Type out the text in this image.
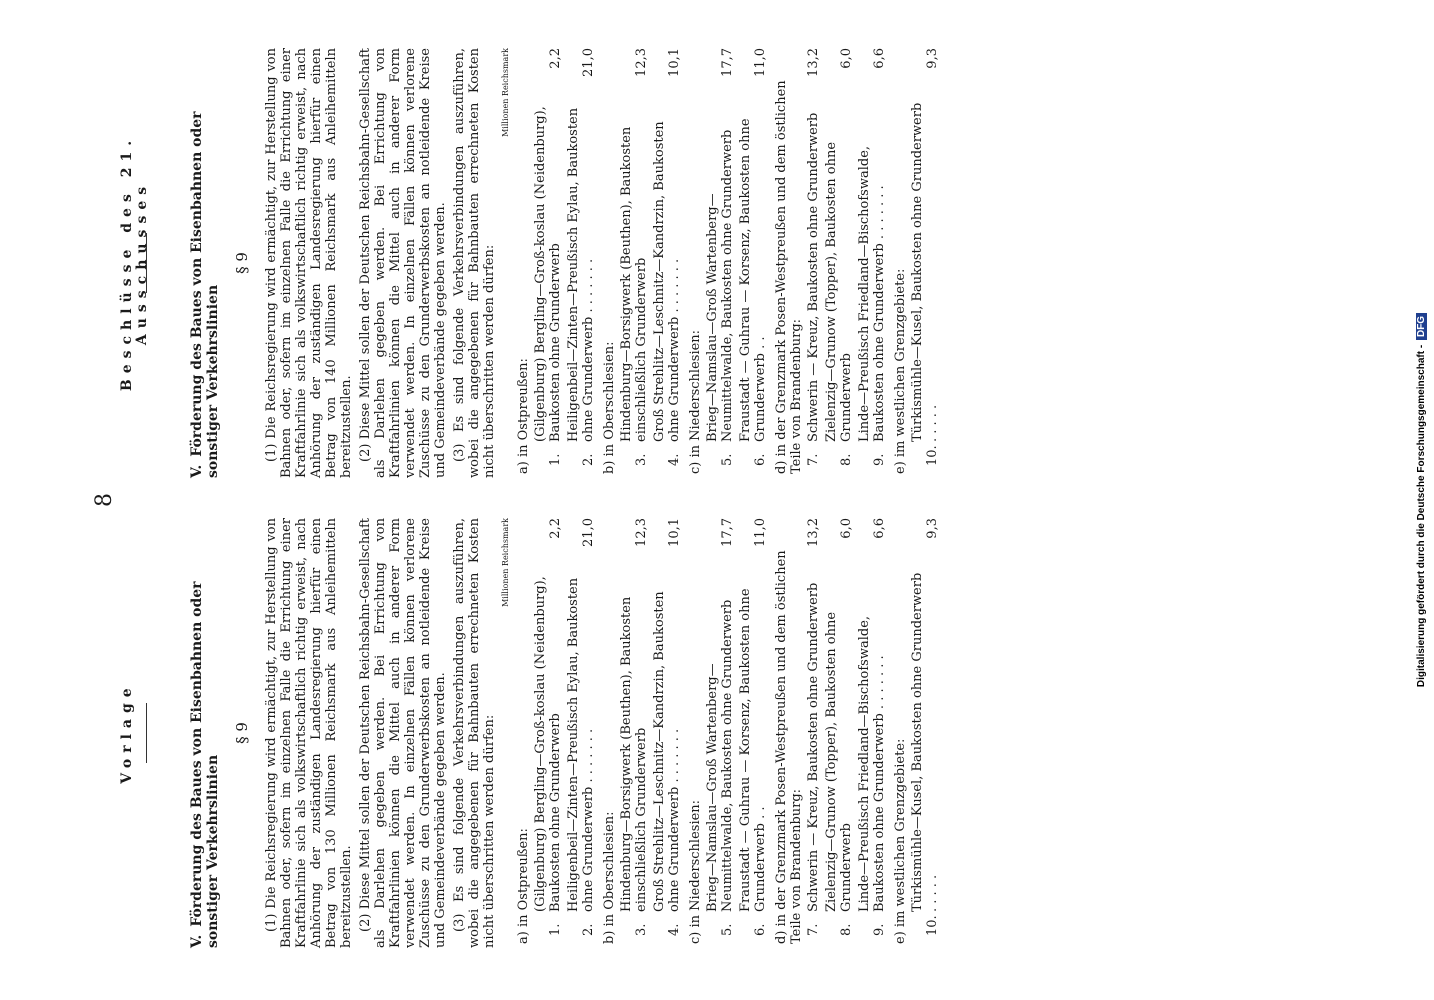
8
Vorlage
V.Förderung des Baues von Eisenbahnen oder sonstiger Verkehrslinien
§ 9 (1) Die Reichsregierung wird ermächtigt, zur Herstellung von Bahnen oder, sofern im einzelnen Falle die Errichtung einer Kraftfahrlinie sich als volkswirtschaftlich richtig erweist, nach Anhörung der zuständigen Landesregierung hierfür einen Betrag von 130 Millionen Reichsmark aus Anleihemitteln bereitzustellen. (2) Diese Mittel sollen der Deutschen Reichsbahn-Gesellschaft als Darlehen gegeben werden. Bei Errichtung von Kraftfahrlinien können die Mittel auch in anderer Form verwendet werden. In einzelnen Fällen können verlorene Zuschüsse zu den Grunderwerbskosten an notleidende Kreise und Gemeindeverbände gegeben werden. (3) Es sind folgende Verkehrsverbindungen auszuführen, wobei die angegebenen für Bahnbauten errechneten Kosten nicht überschritten werden dürfen:
Millionen Reichsmark
a) in Ostpreußen: 1.
(Gilgenburg) Bergling—Groß-koslau (Neidenburg), Baukosten ohne Grunderwerb
2,2
2.
Heiligenbeil—Zinten—Preußisch Eylau, Baukosten ohne Grunderwerb . . . . . . .
21,0
b) in Oberschlesien: 3.
Hindenburg—Borsigwerk (Beuthen), Baukosten einschließlich Grunderwerb
12,3
4.
Groß Strehlitz—Leschnitz—Kandrzin, Baukosten ohne Grunderwerb . . . . . . .
10,1
c) in Niederschlesien: 5.
Brieg—Namslau—Groß Wartenberg—Neumittelwalde, Baukosten ohne Grunderwerb
17,7
6.
Fraustadt — Guhrau — Korsenz, Baukosten ohne Grunderwerb . .
11,0
d) in der Grenzmark Posen-Westpreußen und dem östlichen Teile von Brandenburg: 7.
Schwerin — Kreuz, Baukosten ohne Grunderwerb
13,2
8.
Zielenzig—Grunow (Topper), Baukosten ohne Grunderwerb
6,0
9.
Linde—Preußisch Friedland—Bischofswalde, Baukosten ohne Grunderwerb . . . . . . .
6,6
e) im westlichen Grenzgebiete: 10.
Türkismühle—Kusel, Baukosten ohne Grunderwerb . . . . .
9,3
Beschlüsse des 21. Ausschusses
V.Förderung des Baues von Eisenbahnen oder sonstiger Verkehrslinien
§ 9 (1) Die Reichsregierung wird ermächtigt, zur Herstellung von Bahnen oder, sofern im einzelnen Falle die Errichtung einer Kraftfahrlinie sich als volkswirtschaftlich richtig erweist, nach Anhörung der zuständigen Landesregierung hierfür einen Betrag von 140 Millionen Reichsmark aus Anleihemitteln bereitzustellen. (2) Diese Mittel sollen der Deutschen Reichsbahn-Gesellschaft als Darlehen gegeben werden. Bei Errichtung von Kraftfahrlinien können die Mittel auch in anderer Form verwendet werden. In einzelnen Fällen können verlorene Zuschüsse zu den Grunderwerbskosten an notleidende Kreise und Gemeindeverbände gegeben werden. (3) Es sind folgende Verkehrsverbindungen auszuführen, wobei die angegebenen für Bahnbauten errechneten Kosten nicht überschritten werden dürfen:
Millionen Reichsmark
a) in Ostpreußen: 1.
(Gilgenburg) Bergling—Groß-koslau (Neidenburg), Baukosten ohne Grunderwerb
2,2
2.
Heiligenbeil—Zinten—Preußisch Eylau, Baukosten ohne Grunderwerb . . . . . . .
21,0
b) in Oberschlesien: 3.
Hindenburg—Borsigwerk (Beuthen), Baukosten einschließlich Grunderwerb
12,3
4.
Groß Strehlitz—Leschnitz—Kandrzin, Baukosten ohne Grunderwerb . . . . . . .
10,1
c) in Niederschlesien: 5.
Brieg—Namslau—Groß Wartenberg—Neumittelwalde, Baukosten ohne Grunderwerb
17,7
6.
Fraustadt — Guhrau — Korsenz, Baukosten ohne Grunderwerb . .
11,0
d) in der Grenzmark Posen-Westpreußen und dem östlichen Teile von Brandenburg: 7.
Schwerin — Kreuz, Baukosten ohne Grunderwerb
13,2
8.
Zielenzig—Grunow (Topper), Baukosten ohne Grunderwerb
6,0
9.
Linde—Preußisch Friedland—Bischofswalde, Baukosten ohne Grunderwerb . . . . . . .
6,6
e) im westlichen Grenzgebiete: 10.
Türkismühle—Kusel, Baukosten ohne Grunderwerb . . . . .
9,3
Digitalisierung gefördert durch die Deutsche Forschungsgemeinschaft - DFG
